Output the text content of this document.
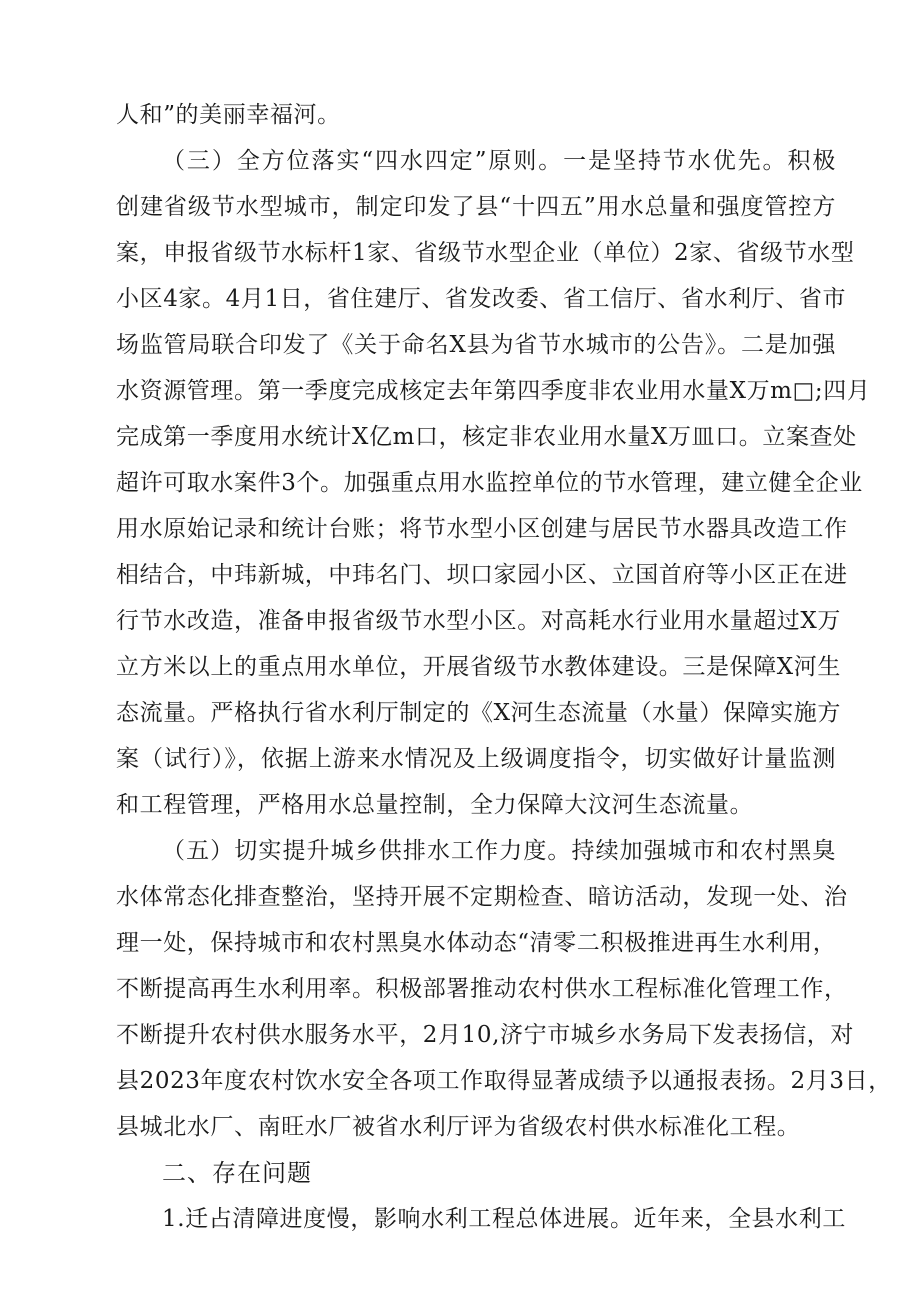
人和”的美丽幸福河。
（三）全方位落实“四水四定”原则。一是坚持节水优先。积极
创建省级节水型城市，制定印发了县“十四五”用水总量和强度管控方
案，申报省级节水标杆1家、省级节水型企业（单位）2家、省级节水型
小区4家。4月1日，省住建厅、省发改委、省工信厅、省水利厅、省市
场监管局联合印发了《关于命名X县为省节水城市的公告》。二是加强
水资源管理。第一季度完成核定去年第四季度非农业用水量X万m□;四月
完成第一季度用水统计X亿m口，核定非农业用水量X万皿口。立案查处
超许可取水案件3个。加强重点用水监控单位的节水管理，建立健全企业
用水原始记录和统计台账；将节水型小区创建与居民节水器具改造工作
相结合，中玮新城，中玮名门、坝口家园小区、立国首府等小区正在进
行节水改造，准备申报省级节水型小区。对高耗水行业用水量超过X万
立方米以上的重点用水单位，开展省级节水教体建设。三是保障X河生
态流量。严格执行省水利厅制定的《X河生态流量（水量）保障实施方
案（试行）》，依据上游来水情况及上级调度指令，切实做好计量监测
和工程管理，严格用水总量控制，全力保障大汶河生态流量。
（五）切实提升城乡供排水工作力度。持续加强城市和农村黑臭
水体常态化排查整治，坚持开展不定期检查、暗访活动，发现一处、治
理一处，保持城市和农村黑臭水体动态“清零二积极推进再生水利用，
不断提高再生水利用率。积极部署推动农村供水工程标准化管理工作，
不断提升农村供水服务水平，2月10,济宁市城乡水务局下发表扬信，对
县2023年度农村饮水安全各项工作取得显著成绩予以通报表扬。2月3日，
县城北水厂、南旺水厂被省水利厅评为省级农村供水标准化工程。
二、存在问题
1.迁占清障进度慢，影响水利工程总体进展。近年来，全县水利工
